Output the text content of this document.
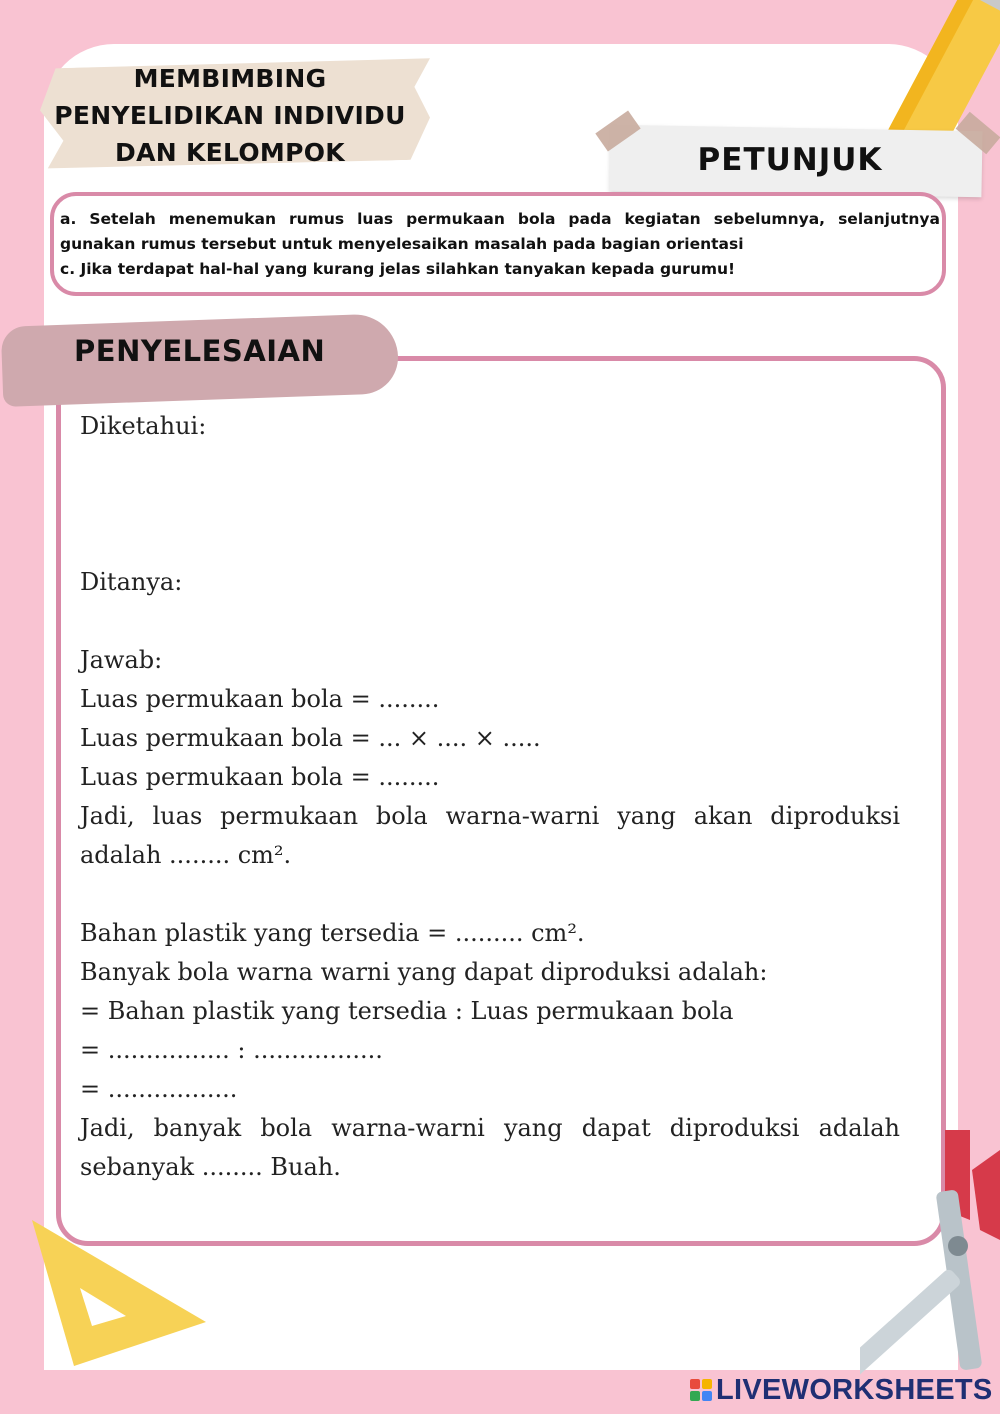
MEMBIMBING
PENYELIDIKAN INDIVIDU
DAN KELOMPOK	PETUNJUK

a. Setelah menemukan rumus luas permukaan bola pada kegiatan sebelumnya, selanjutnya gunakan rumus tersebut untuk menyelesaikan masalah pada bagian orientasi

c. Jika terdapat hal-hal yang kurang jelas silahkan tanyakan kepada gurumu!

PENYELESAIAN

Diketahui:

Ditanya:

Jawab:

Luas permukaan bola = ........

Luas permukaan bola = ... × .... × .....

Luas permukaan bola = ........

Jadi, luas permukaan bola warna-warni yang akan diproduksi adalah ........ cm².

Bahan plastik yang tersedia = ......... cm².

Banyak bola warna warni yang dapat diproduksi adalah:

= Bahan plastik yang tersedia : Luas permukaan bola

= ................ : .................

= .................

Jadi, banyak bola warna-warni yang dapat diproduksi adalah sebanyak ........ Buah.

LIVEWORKSHEETS
